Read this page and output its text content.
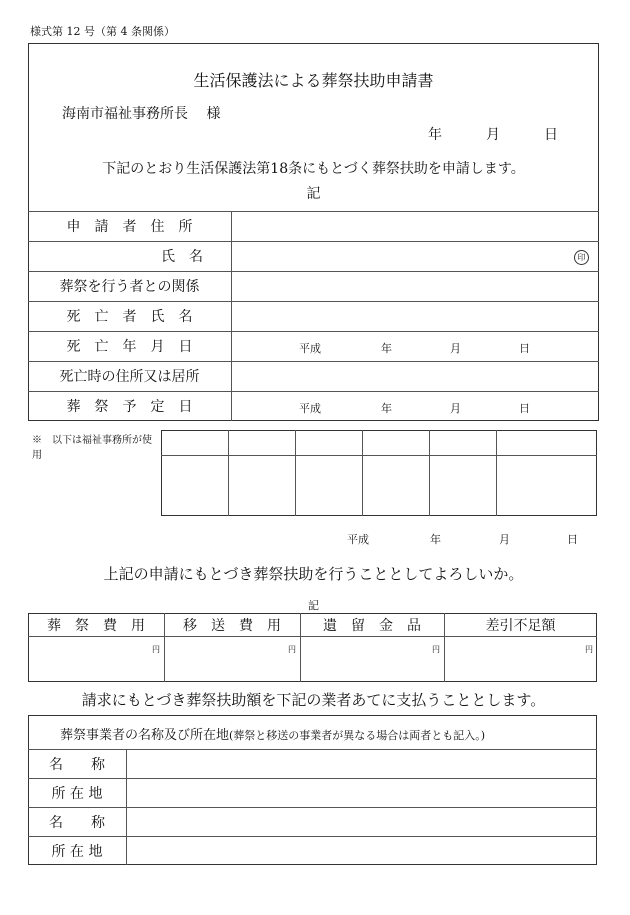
様式第 12 号（第 4 条関係）
生活保護法による葬祭扶助申請書
海南市福祉事務所長　 様
年	月	日
下記のとおり生活保護法第18条にもとづく葬祭扶助を申請します。
記
申　請　者　住　所
氏　名	印
葬祭を行う者との関係
死　亡　者　氏　名
死　亡　年　月　日	平成	年	月	日
死亡時の住所又は居所
葬　祭　予　定　日	平成	年	月	日
※　以下は福祉事務所が使用
平成	年	月	日
上記の申請にもとづき葬祭扶助を行うこととしてよろしいか。
記
葬　祭　費　用	移　送　費　用	遺　留　金　品	差引不足額
円	円	円	円
請求にもとづき葬祭扶助額を下記の業者あてに支払うこととします。
葬祭事業者の名称及び所在地(葬祭と移送の事業者が異なる場合は両者とも記入。)
名　　称
所 在 地
名　　称
所 在 地
